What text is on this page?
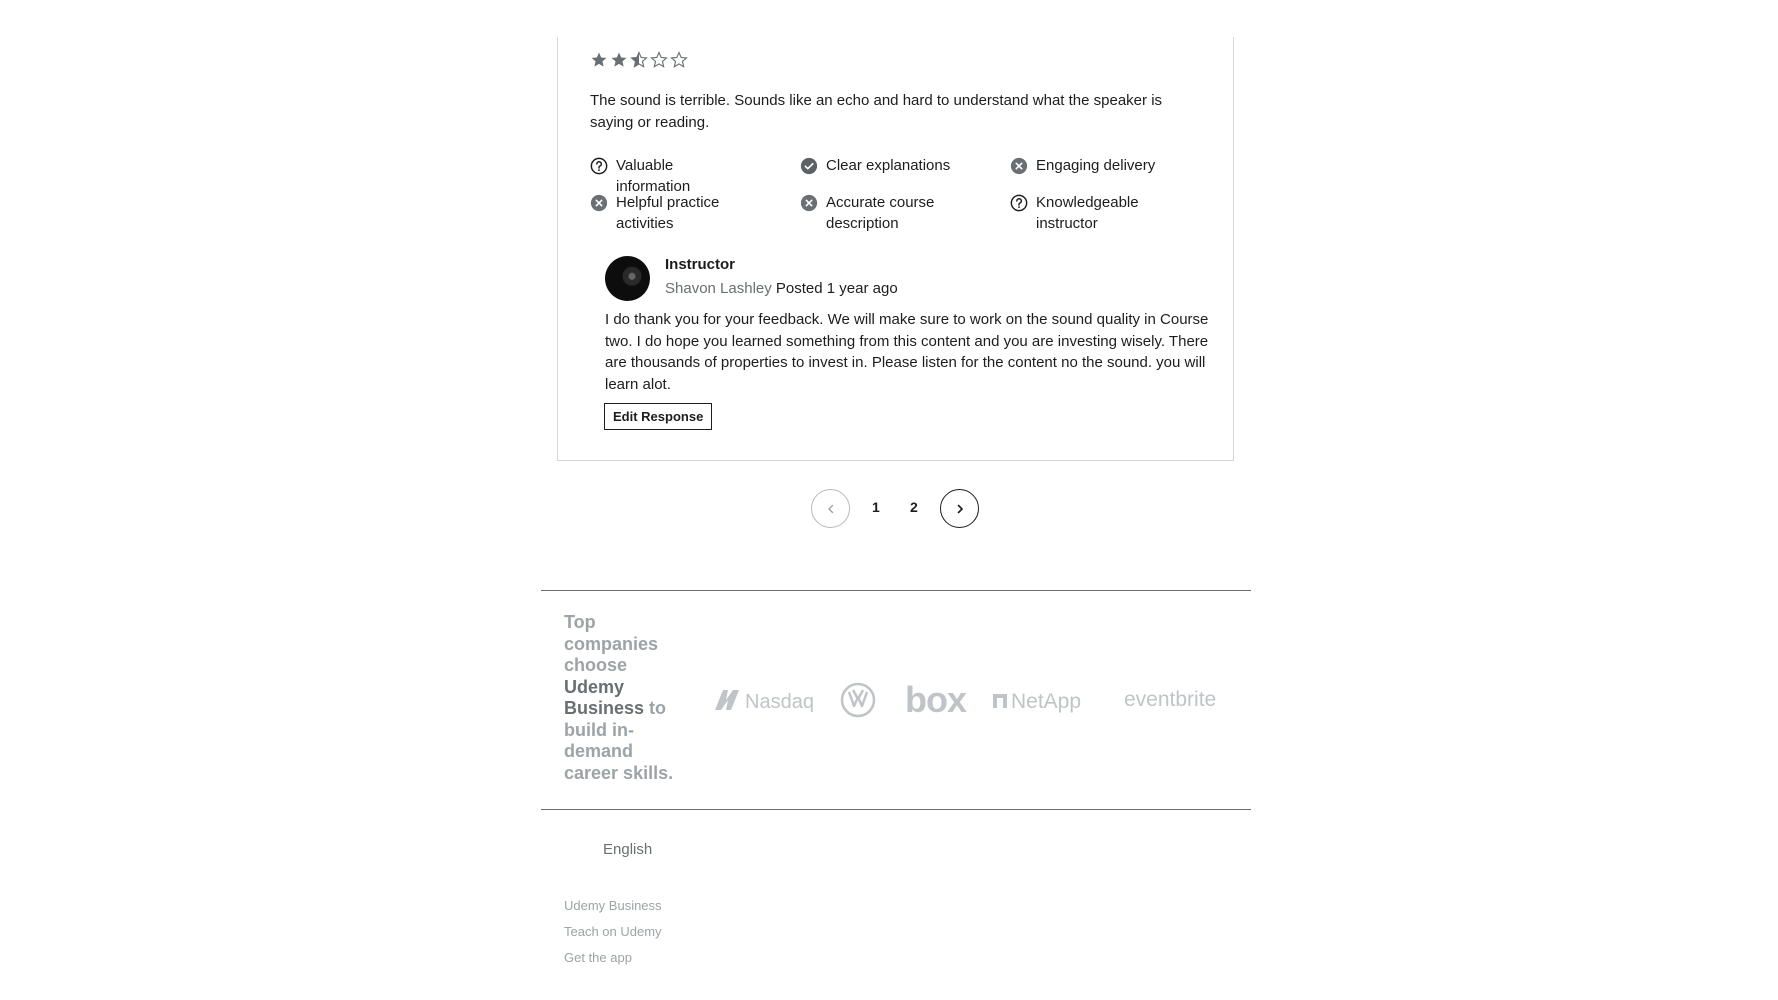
The sound is terrible. Sounds like an echo and hard to understand what the speaker is saying or reading.

Valuable information
Clear explanations	Engaging delivery
Helpful practice activities
Accurate course description
Knowledgeable instructor
Instructor
Shavon Lashley Posted 1 year ago

I do thank you for your feedback. We will make sure to work on the sound quality in Course two. I do hope you learned something from this content and you are investing wisely. There are thousands of properties to invest in. Please listen for the content no the sound. you will learn alot.

Edit Response
1 2
Top companies choose Udemy Business to build in-demand career skills.
Nasdaq	box NetApp eventbrite
English
Udemy Business
Teach on Udemy
Get the app
